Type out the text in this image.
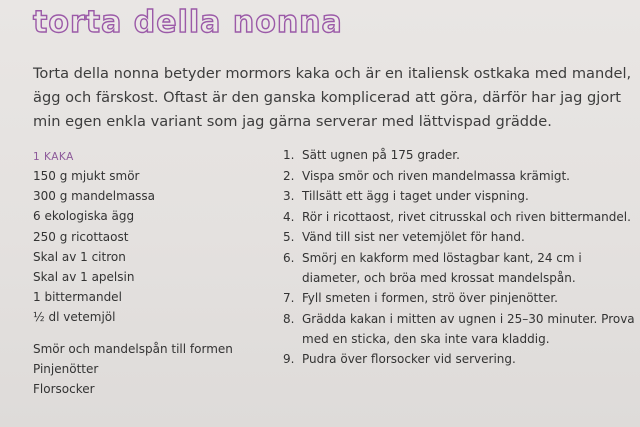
torta della nonna

Torta della nonna betyder mormors kaka och är en italiensk ostkaka med mandel, ägg och färskost. Oftast är den ganska komplicerad att göra, därför har jag gjort min egen enkla variant som jag gärna serverar med lättvispad grädde.

1 KAKA
150 g mjukt smör
300 g mandelmassa
6 ekologiska ägg
250 g ricottaost
Skal av 1 citron
Skal av 1 apelsin
1 bittermandel
½ dl vetemjöl
Smör och mandelspån till formen
Pinjenötter
Florsocker
1. Sätt ugnen på 175 grader.
2. Vispa smör och riven mandelmassa krämigt.
3. Tillsätt ett ägg i taget under vispning.
4. Rör i ricottaost, rivet citrusskal och riven bittermandel.
5. Vänd till sist ner vetemjölet för hand.
6. Smörj en kakform med löstagbar kant, 24 cm i diameter, och bröa med krossat mandelspån.
7. Fyll smeten i formen, strö över pinjenötter.
8. Grädda kakan i mitten av ugnen i 25–30 minuter. Prova med en sticka, den ska inte vara kladdig.
9. Pudra över florsocker vid servering.
